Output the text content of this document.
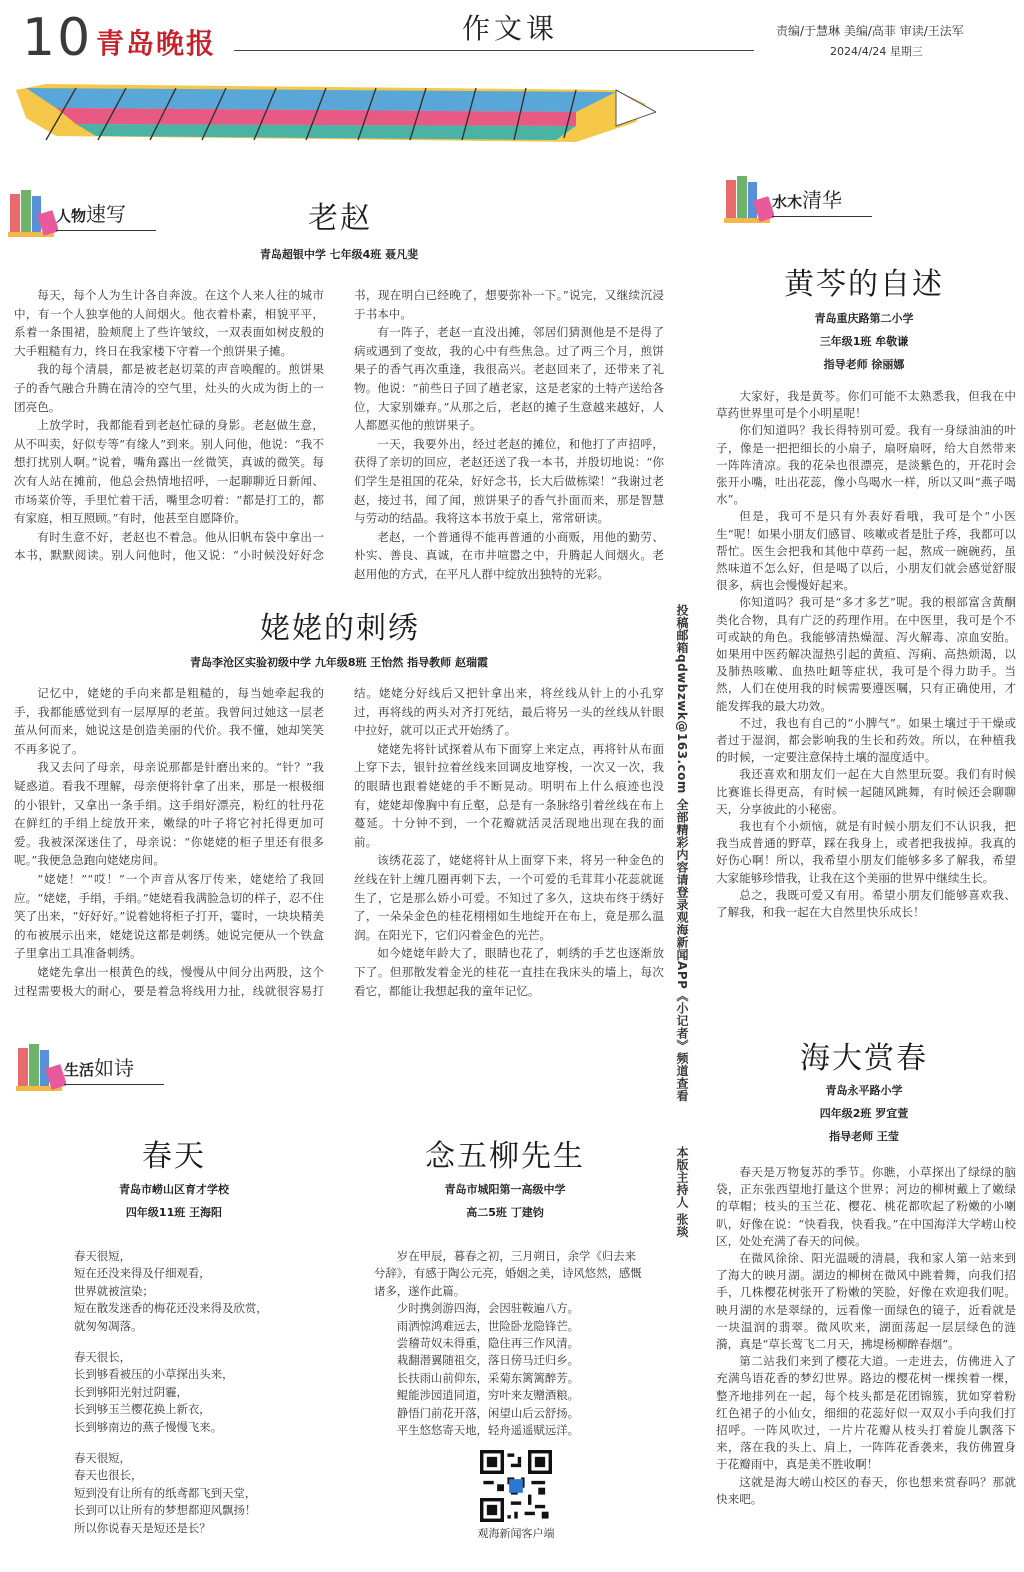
10 青岛晚报	作文课	责编/于慧琳 美编/高菲 审读/王法军
2024/4/24 星期三
人物速写	老赵
青岛超银中学 七年级4班 聂凡斐

每天，每个人为生计各自奔波。在这个人来人往的城市中，有一个人独享他的人间烟火。他衣着朴素，相貌平平，系着一条围裙，脸颊爬上了些许皱纹，一双表面如树皮般的大手粗糙有力，终日在我家楼下守着一个煎饼果子摊。

我的每个清晨，都是被老赵切菜的声音唤醒的。煎饼果子的香气融合升腾在清冷的空气里，灶头的火成为街上的一团亮色。

上放学时，我都能看到老赵忙碌的身影。老赵做生意，从不叫卖，好似专等“有缘人”到来。别人问他，他说：“我不想打扰别人啊。”说着，嘴角露出一丝微笑，真诚的微笑。每次有人站在摊前，他总会热情地招呼，一起聊聊近日新闻、市场菜价等，手里忙着干活，嘴里念叨着：“都是打工的，都有家庭，相互照顾。”有时，他甚至自愿降价。

有时生意不好，老赵也不着急。他从旧帆布袋中拿出一本书，默默阅读。别人问他时，他又说：“小时候没好好念书，现在明白已经晚了，想要弥补一下。”说完，又继续沉浸于书本中。

有一阵子，老赵一直没出摊，邻居们猜测他是不是得了病或遇到了变故，我的心中有些焦急。过了两三个月，煎饼果子的香气再次重逢，我很高兴。老赵回来了，还带来了礼物。他说：“前些日子回了趟老家，这是老家的土特产送给各位，大家别嫌弃。”从那之后，老赵的摊子生意越来越好，人人都愿买他的煎饼果子。

一天，我要外出，经过老赵的摊位，和他打了声招呼，获得了亲切的回应，老赵还送了我一本书，并殷切地说：“你们学生是祖国的花朵，好好念书，长大后做栋梁！”我谢过老赵，接过书，闻了闻，煎饼果子的香气扑面而来，那是智慧与劳动的结晶。我将这本书放于桌上，常常研读。

老赵，一个普通得不能再普通的小商贩，用他的勤劳、朴实、善良、真诚，在市井喧嚣之中，升腾起人间烟火。老赵用他的方式，在平凡人群中绽放出独特的光彩。

姥姥的刺绣
青岛李沧区实验初级中学 九年级8班 王怡然 指导教师 赵瑞霞

记忆中，姥姥的手向来都是粗糙的，每当她牵起我的手，我都能感觉到有一层厚厚的老茧。我曾问过她这一层老茧从何而来，她说这是创造美丽的代价。我不懂，她却笑笑不再多说了。

我又去问了母亲，母亲说那都是针磨出来的。“针？”我疑惑道。看我不理解，母亲便将针拿了出来，那是一根极细的小银针，又拿出一条手绢。这手绢好漂亮，粉红的牡丹花在鲜红的手绢上绽放开来，嫩绿的叶子将它衬托得更加可爱。我被深深迷住了，母亲说：“你姥姥的柜子里还有很多呢。”我便急急跑向姥姥房间。

“姥姥！”“哎！”一个声音从客厅传来，姥姥给了我回应。“姥姥，手绢，手绢。”姥姥看我满脸急切的样子，忍不住笑了出来，“好好好。”说着她将柜子打开，霎时，一块块精美的布被展示出来，姥姥说这都是刺绣。她说完便从一个铁盒子里拿出工具准备刺绣。

姥姥先拿出一根黄色的线，慢慢从中间分出两股，这个过程需要极大的耐心，要是着急将线用力扯，线就很容易打结。姥姥分好线后又把针拿出来，将丝线从针上的小孔穿过，再将线的两头对齐打死结，最后将另一头的丝线从针眼中拉好，就可以正式开始绣了。

姥姥先将针试探着从布下面穿上来定点，再将针从布面上穿下去，银针拉着丝线来回调皮地穿梭，一次又一次，我的眼睛也跟着姥姥的手不断晃动。明明布上什么痕迹也没有，姥姥却像胸中有丘壑，总是有一条脉络引着丝线在布上蔓延。十分钟不到，一个花瓣就活灵活现地出现在我的面前。

该绣花蕊了，姥姥将针从上面穿下来，将另一种金色的丝线在针上缠几圈再刺下去，一个可爱的毛茸茸小花蕊就诞生了，它是那么娇小可爱。不知过了多久，这块布终于绣好了，一朵朵金色的桂花栩栩如生地绽开在布上，竟是那么温润。在阳光下，它们闪着金色的光芒。

如今姥姥年龄大了，眼睛也花了，刺绣的手艺也逐渐放下了。但那散发着金光的桂花一直挂在我床头的墙上，每次看它，都能让我想起我的童年记忆。

生活如诗
春天
青岛市崂山区育才学校
四年级11班 王海阳
春天很短，
短在还没来得及仔细观看，
世界就被渲染；
短在散发迷香的梅花还没来得及欣赏，
就匆匆凋落。
春天很长，
长到够看被压的小草探出头来，
长到够阳光射过阴霾，
长到够玉兰樱花换上新衣，
长到够南边的燕子慢慢飞来。
春天很短，
春天也很长，
短到没有让所有的纸鸢都飞到天堂，
长到可以让所有的梦想都迎风飘扬！
所以你说春天是短还是长？
念五柳先生
青岛市城阳第一高级中学
高二5班 丁建钧
岁在甲辰，暮春之初，三月朔日，余学《归去来兮辞》，有感于陶公元亮，婚姻之美，诗风悠然，感慨诸多，遂作此篇。
少时携剑游四海，会因驻鞍遍八方。
雨洒惊鸿难远去，世险卧龙隐锋芒。
尝稽苛奴未得重，隐住再三作风清。
栽翻潜翼随祖交，落日傍马迁归乡。
长扶雨山前仰东，采菊东篱篱醉芳。
鲲能涉园逍同道，穷叶来友赠酒粮。
静悟门前花开落，闲望山后云舒扬。
平生悠悠寄天地，轻舟遥遥赋远洋。
观海新闻客户端
投稿邮箱qdwbzwk@163.com 全部精彩内容请登录观海新闻APP《小记者》频道查看
本版主持人 张琰
水木清华
黄芩的自述
青岛重庆路第二小学
三年级1班 牟敬谦
指导老师 徐丽娜

大家好，我是黄芩。你们可能不太熟悉我，但我在中草药世界里可是个小明星呢！

你们知道吗？我长得特别可爱。我有一身绿油油的叶子，像是一把把细长的小扇子，扇呀扇呀，给大自然带来一阵阵清凉。我的花朵也很漂亮，是淡紫色的，开花时会张开小嘴，吐出花蕊，像小鸟喝水一样，所以又叫“燕子喝水”。

但是，我可不是只有外表好看哦，我可是个“小医生”呢！如果小朋友们感冒、咳嗽或者是肚子疼，我都可以帮忙。医生会把我和其他中草药一起，熬成一碗碗药，虽然味道不怎么好，但是喝了以后，小朋友们就会感觉舒服很多，病也会慢慢好起来。

你知道吗？我可是“多才多艺”呢。我的根部富含黄酮类化合物，具有广泛的药理作用。在中医里，我可是个不可或缺的角色。我能够清热燥湿、泻火解毒、凉血安胎。如果用中医药解决湿热引起的黄疸、泻痢、高热烦渴，以及肺热咳嗽、血热吐衄等症状，我可是个得力助手。当然，人们在使用我的时候需要遵医嘱，只有正确使用，才能发挥我的最大功效。

不过，我也有自己的“小脾气”。如果土壤过于干燥或者过于湿润，都会影响我的生长和药效。所以，在种植我的时候，一定要注意保持土壤的湿度适中。

我还喜欢和朋友们一起在大自然里玩耍。我们有时候比赛谁长得更高，有时候一起随风跳舞，有时候还会聊聊天，分享彼此的小秘密。

我也有个小烦恼，就是有时候小朋友们不认识我，把我当成普通的野草，踩在我身上，或者把我拔掉。我真的好伤心啊！所以，我希望小朋友们能够多多了解我，希望大家能够珍惜我，让我在这个美丽的世界中继续生长。

总之，我既可爱又有用。希望小朋友们能够喜欢我、了解我，和我一起在大自然里快乐成长！

海大赏春
青岛永平路小学
四年级2班 罗宜萱
指导老师 王莹

春天是万物复苏的季节。你瞧，小草探出了绿绿的脑袋，正东张西望地打量这个世界；河边的柳树戴上了嫩绿的草帽；枝头的玉兰花、樱花、桃花都吹起了粉嫩的小喇叭，好像在说：“快看我，快看我。”在中国海洋大学崂山校区，处处充满了春天的问候。

在微风徐徐、阳光温暖的清晨，我和家人第一站来到了海大的映月湖。湖边的柳树在微风中跳着舞，向我们招手，几株樱花树张开了粉嫩的笑脸，好像在欢迎我们呢。映月湖的水是翠绿的，远看像一面绿色的镜子，近看就是一块温润的翡翠。微风吹来，湖面荡起一层层绿色的涟漪，真是“草长莺飞二月天，拂堤杨柳醉春烟”。

第二站我们来到了樱花大道。一走进去，仿佛进入了充满鸟语花香的梦幻世界。路边的樱花树一棵挨着一棵，整齐地排列在一起，每个枝头都是花团锦簇，犹如穿着粉红色裙子的小仙女，细细的花蕊好似一双双小手向我们打招呼。一阵风吹过，一片片花瓣从枝头打着旋儿飘落下来，落在我的头上、肩上，一阵阵花香袭来，我仿佛置身于花瓣雨中，真是美不胜收啊！

这就是海大崂山校区的春天，你也想来赏春吗？那就快来吧。
